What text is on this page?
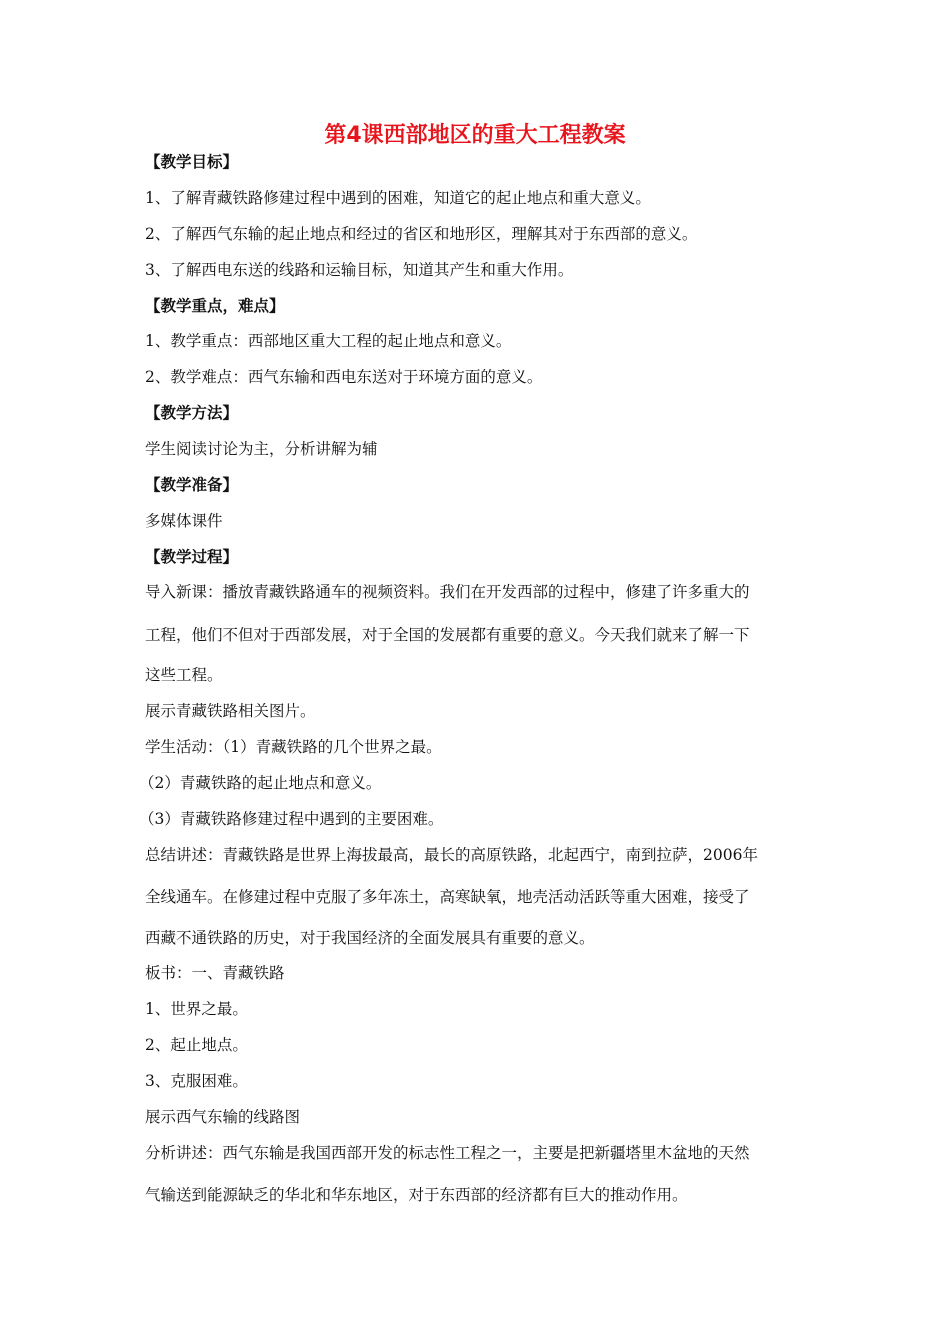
第4课西部地区的重大工程教案
【教学目标】
1、了解青藏铁路修建过程中遇到的困难，知道它的起止地点和重大意义。
2、了解西气东输的起止地点和经过的省区和地形区，理解其对于东西部的意义。
3、了解西电东送的线路和运输目标，知道其产生和重大作用。
【教学重点，难点】
1、教学重点：西部地区重大工程的起止地点和意义。
2、教学难点：西气东输和西电东送对于环境方面的意义。
【教学方法】
学生阅读讨论为主，分析讲解为辅
【教学准备】
多媒体课件
【教学过程】
导入新课：播放青藏铁路通车的视频资料。我们在开发西部的过程中，修建了许多重大的
工程，他们不但对于西部发展，对于全国的发展都有重要的意义。今天我们就来了解一下
这些工程。
展示青藏铁路相关图片。
学生活动：（1）青藏铁路的几个世界之最。
（2）青藏铁路的起止地点和意义。
（3）青藏铁路修建过程中遇到的主要困难。
总结讲述：青藏铁路是世界上海拔最高，最长的高原铁路，北起西宁，南到拉萨，2006年
全线通车。在修建过程中克服了多年冻土，高寒缺氧，地壳活动活跃等重大困难，接受了
西藏不通铁路的历史，对于我国经济的全面发展具有重要的意义。
板书：一、青藏铁路
1、世界之最。
2、起止地点。
3、克服困难。
展示西气东输的线路图
分析讲述：西气东输是我国西部开发的标志性工程之一，主要是把新疆塔里木盆地的天然
气输送到能源缺乏的华北和华东地区，对于东西部的经济都有巨大的推动作用。
